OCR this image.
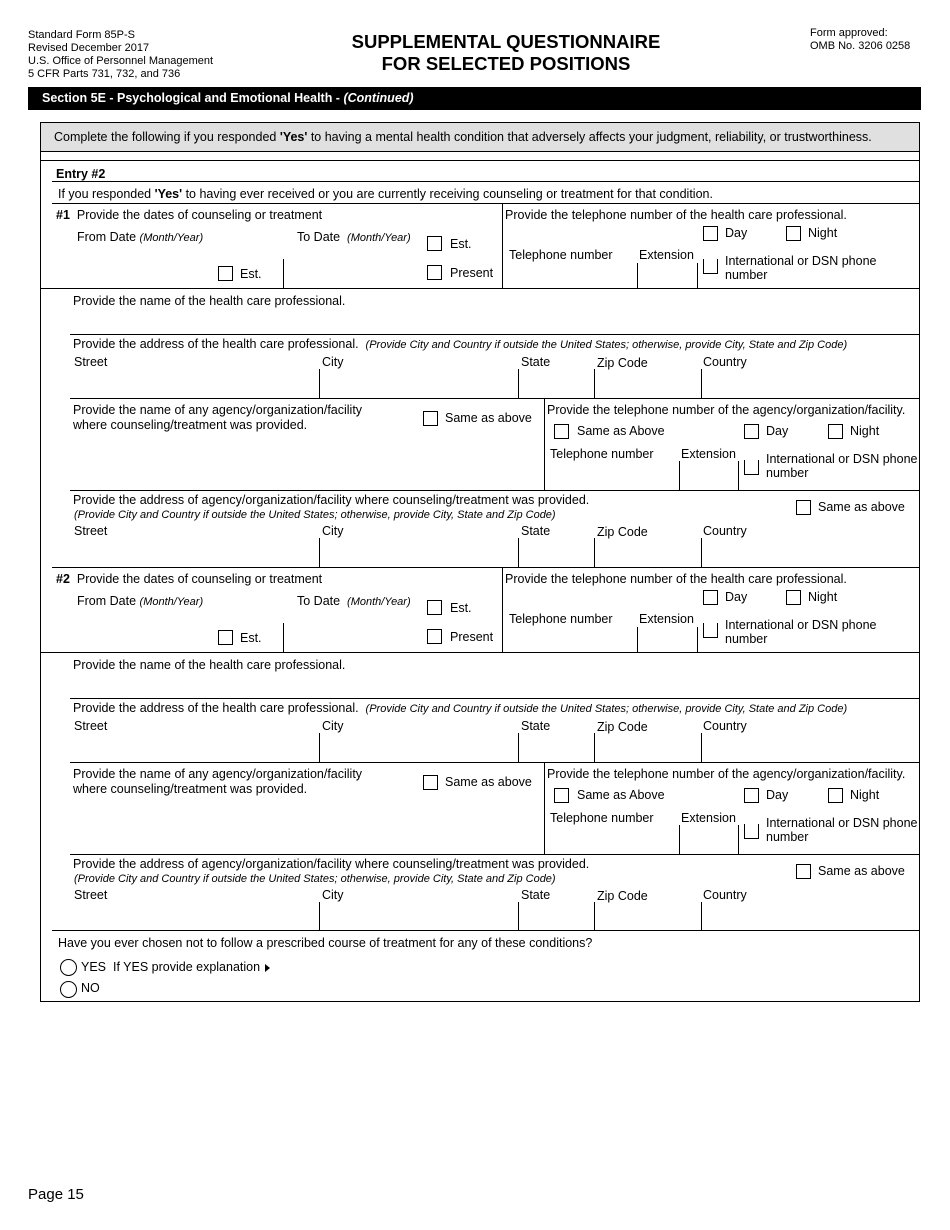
Standard Form 85P-S
Revised December 2017
U.S. Office of Personnel Management
5 CFR Parts 731, 732, and 736
SUPPLEMENTAL QUESTIONNAIRE
FOR SELECTED POSITIONS
Form approved:
OMB No. 3206 0258
Section 5E - Psychological and Emotional Health - (Continued)
Complete the following if you responded 'Yes' to having a mental health condition that adversely affects your judgment, reliability, or trustworthiness.
Entry #2
If you responded 'Yes' to having ever received or you are currently receiving counseling or treatment for that condition.
#1 Provide the dates of counseling or treatment
From Date (Month/Year)	To Date (Month/Year)	Est.
Est.	Present
Provide the telephone number of the health care professional.
Day	Night
Telephone number Extension International or DSN phone
number
Provide the name of the health care professional.
Provide the address of the health care professional. (Provide City and Country if outside the United States; otherwise, provide City, State and Zip Code)
Street	City	State	Zip Code	Country
Provide the name of any agency/organization/facility
where counseling/treatment was provided.	Same as above
Provide the telephone number of the agency/organization/facility.
Same as Above	Day	Night
Telephone number Extension International or DSN phone
number
Provide the address of agency/organization/facility where counseling/treatment was provided.
(Provide City and Country if outside the United States; otherwise, provide City, State and Zip Code)
Same as above
Street	City	State	Zip Code	Country
#2 Provide the dates of counseling or treatment
From Date (Month/Year)	To Date (Month/Year)	Est.
Est.	Present
Provide the telephone number of the health care professional.
Day	Night
Telephone number Extension International or DSN phone
number
Provide the name of the health care professional.
Provide the address of the health care professional. (Provide City and Country if outside the United States; otherwise, provide City, State and Zip Code)
Street	City	State	Zip Code	Country
Provide the name of any agency/organization/facility
where counseling/treatment was provided.	Same as above
Provide the telephone number of the agency/organization/facility.
Same as Above	Day	Night
Telephone number Extension International or DSN phone
number
Provide the address of agency/organization/facility where counseling/treatment was provided.
(Provide City and Country if outside the United States; otherwise, provide City, State and Zip Code)
Same as above
Street	City	State	Zip Code	Country
Have you ever chosen not to follow a prescribed course of treatment for any of these conditions?
YES If YES provide explanation
NO
Page 15
